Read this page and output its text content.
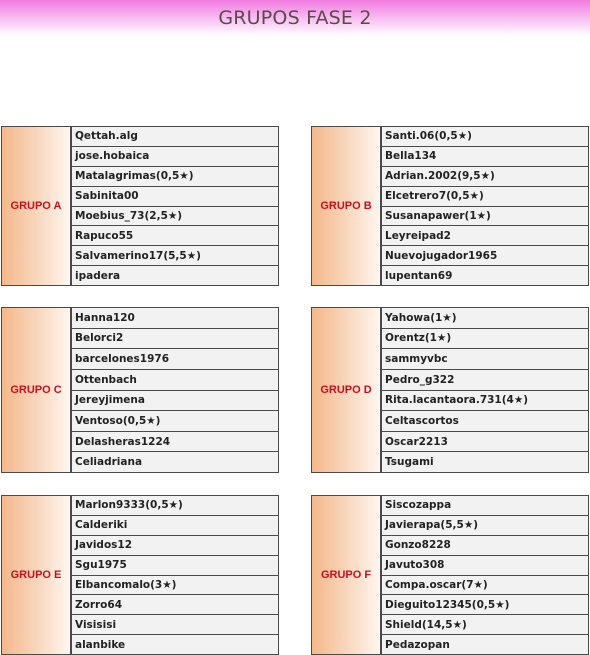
GRUPOS FASE 2
GRUPO A
Qettah.alg
jose.hobaica
Matalagrimas(0,5★)
Sabinita00
Moebius_73(2,5★)
Rapuco55
Salvamerino17(5,5★)
ipadera
GRUPO B
Santi.06(0,5★)
Bella134
Adrian.2002(9,5★)
Elcetrero7(0,5★)
Susanapawer(1★)
Leyreipad2
Nuevojugador1965
lupentan69
GRUPO C
Hanna120
Belorci2
barcelones1976
Ottenbach
Jereyjimena
Ventoso(0,5★)
Delasheras1224
Celiadriana
GRUPO D
Yahowa(1★)
Orentz(1★)
sammyvbc
Pedro_g322
Rita.lacantaora.731(4★)
Celtascortos
Oscar2213
Tsugami
GRUPO E
Marlon9333(0,5★)
Calderiki
Javidos12
Sgu1975
Elbancomalo(3★)
Zorro64
Visisisi
alanbike
GRUPO F
Siscozappa
Javierapa(5,5★)
Gonzo8228
Javuto308
Compa.oscar(7★)
Dieguito12345(0,5★)
Shield(14,5★)
Pedazopan
